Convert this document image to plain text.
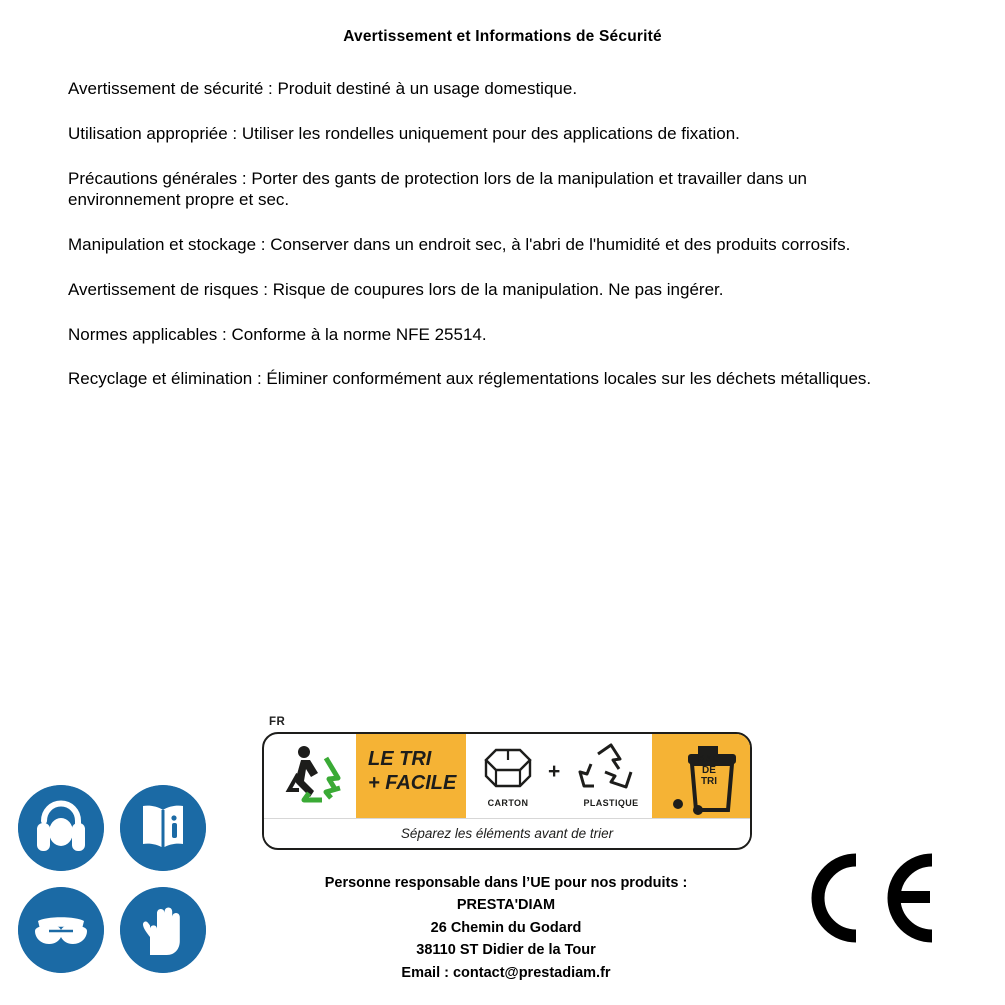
Avertissement et Informations de Sécurité

Avertissement de sécurité : Produit destiné à un usage domestique.

Utilisation appropriée : Utiliser les rondelles uniquement pour des applications de fixation.

Précautions générales : Porter des gants de protection lors de la manipulation et travailler dans un environnement propre et sec.

Manipulation et stockage : Conserver dans un endroit sec, à l'abri de l'humidité et des produits corrosifs.

Avertissement de risques : Risque de coupures lors de la manipulation. Ne pas ingérer.

Normes applicables : Conforme à la norme NFE 25514.

Recyclage et élimination : Éliminer conformément aux réglementations locales sur les déchets métalliques.

FR
LE TRI
+ FACILE
CARTON
+
PLASTIQUE
BAC
DE
TRI
Séparez les éléments avant de trier
Personne responsable dans l’UE pour nos produits :
PRESTA'DIAM
26 Chemin du Godard
38110 ST Didier de la Tour
Email : contact@prestadiam.fr
